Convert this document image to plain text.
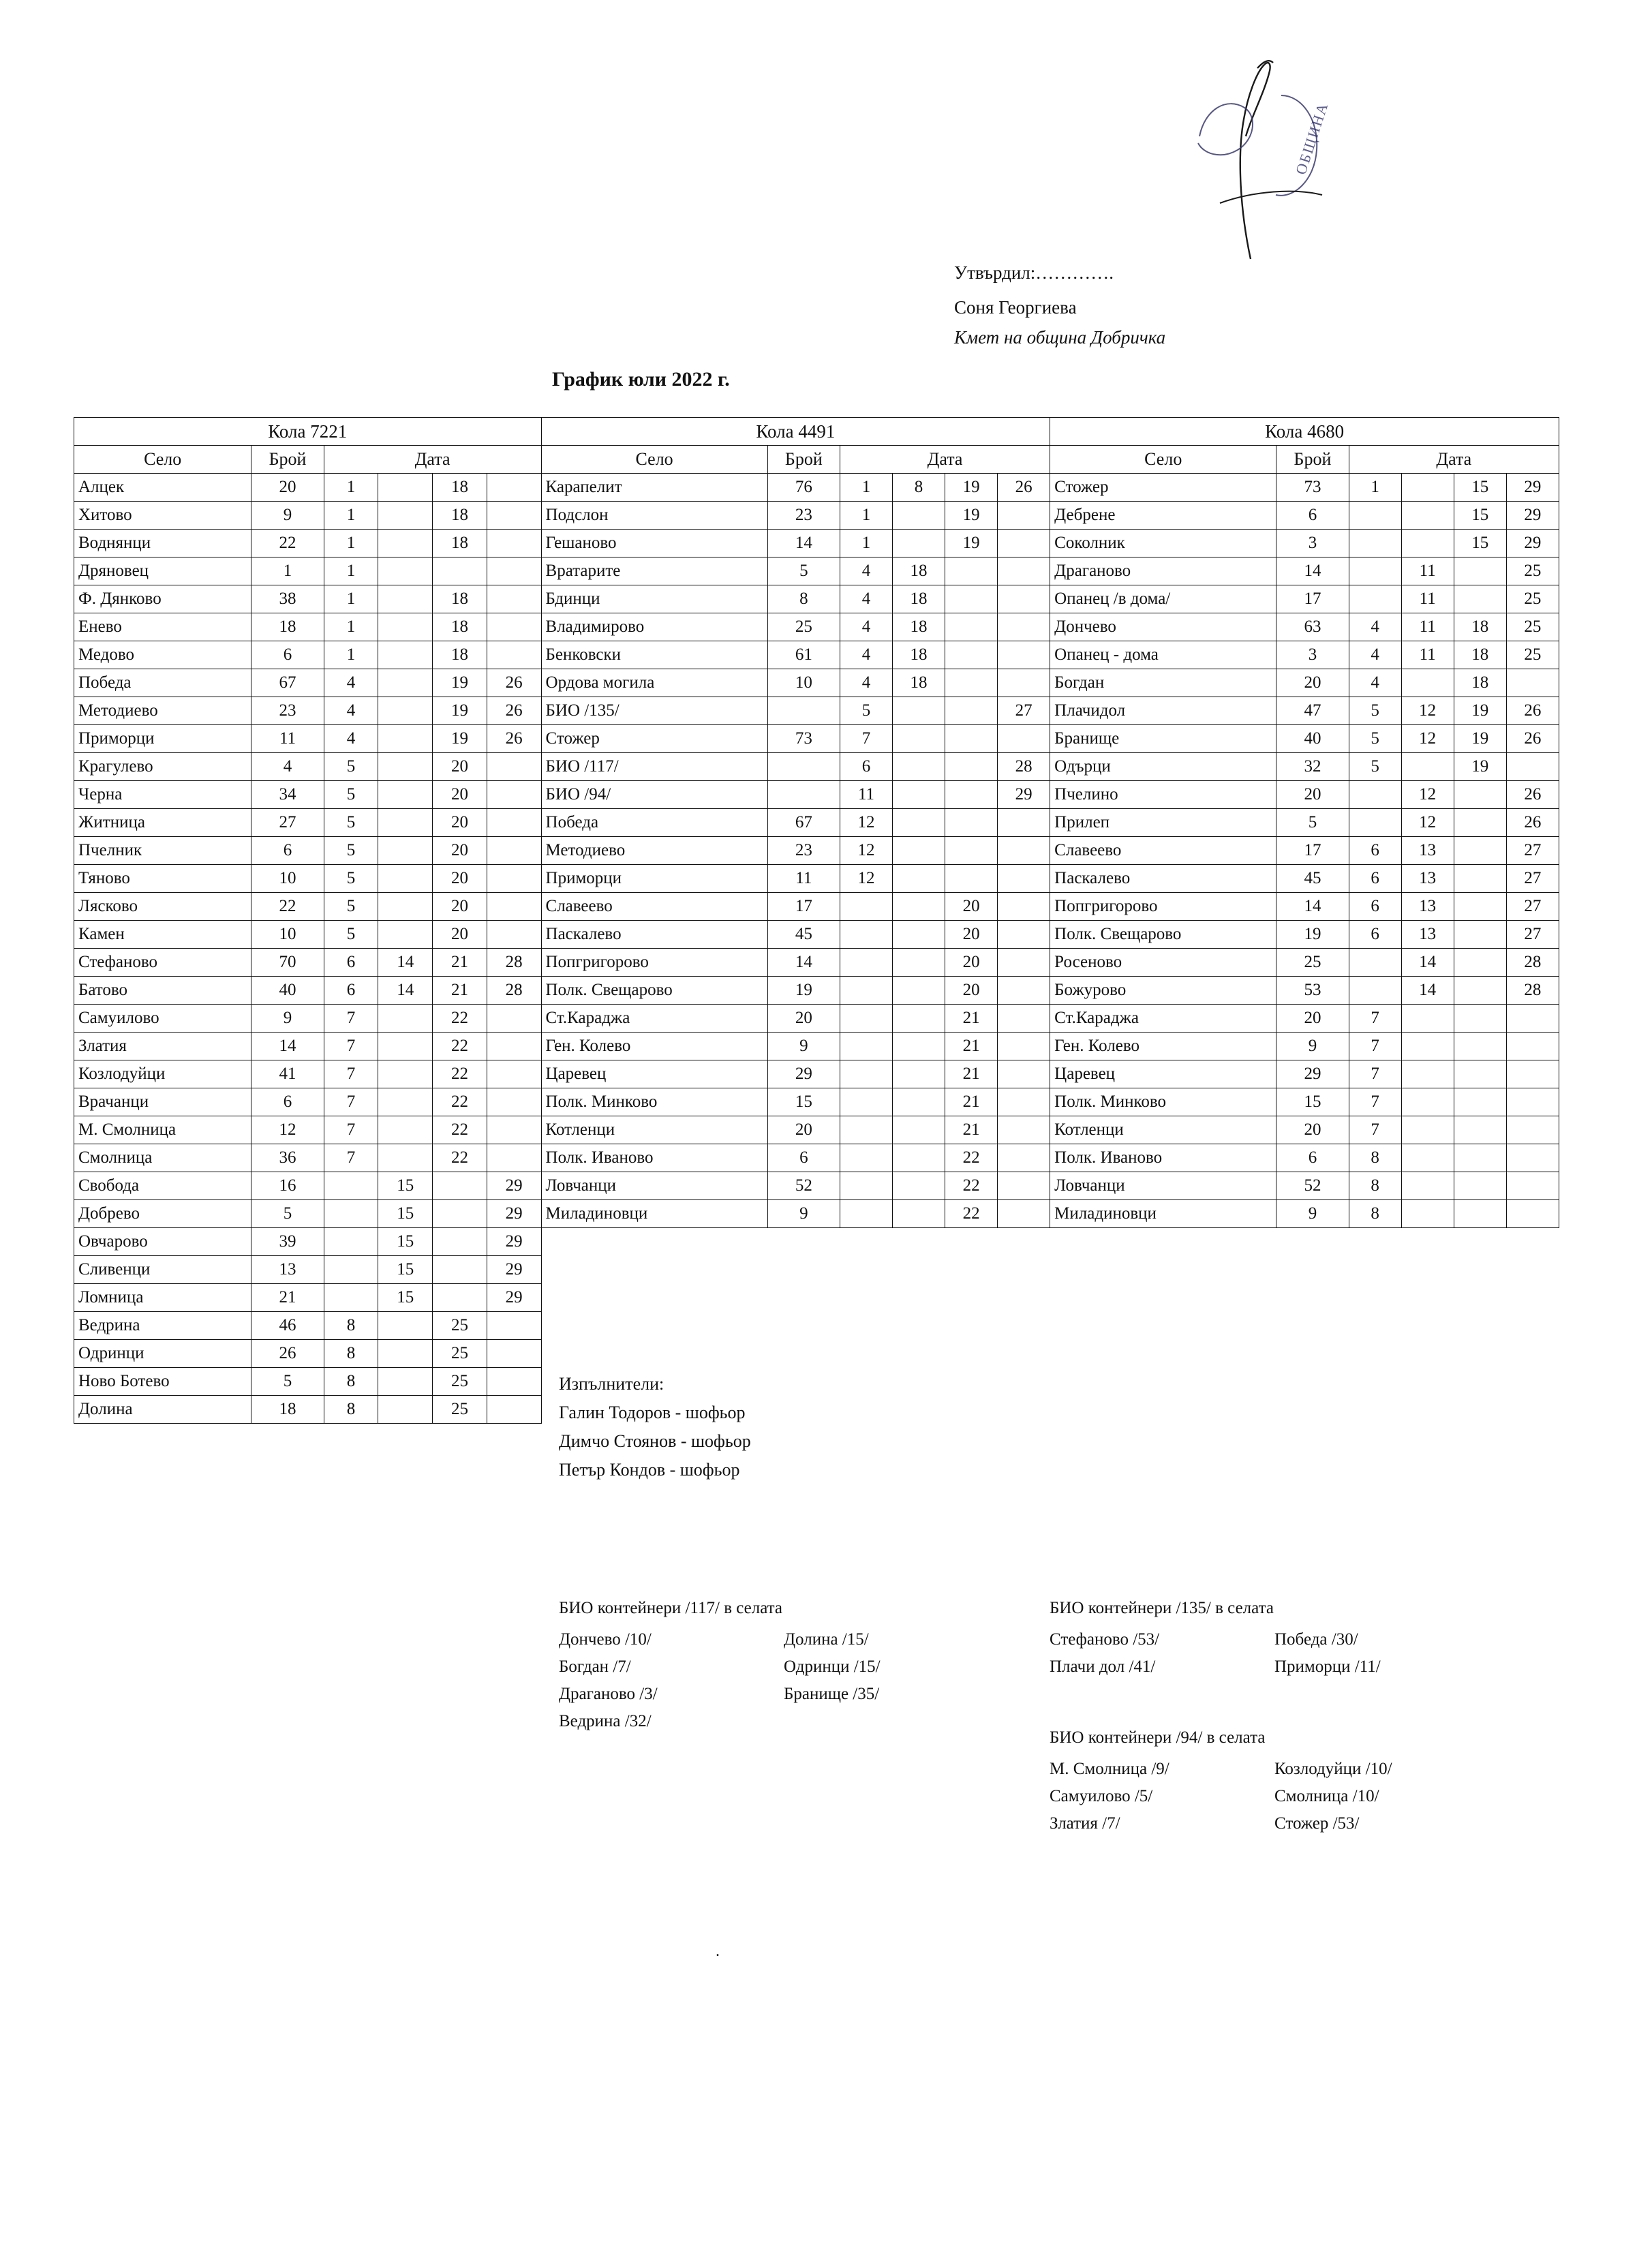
ОБЩИНА
Утвърдил:………….
Соня Георгиева
Кмет на община Добричка
График юли 2022 г.
Кола 7221						Кола 4491						Кола 4680					
Село	Брой	Дата				Село	Брой	Дата				Село	Брой	Дата			
Алцек	20	1		18		Карапелит	76	1	8	19	26	Стожер	73	1		15	29
Хитово	9	1		18		Подслон	23	1		19		Дебрене	6			15	29
Воднянци	22	1		18		Гешаново	14	1		19		Соколник	3			15	29
Дряновец	1	1				Вратарите	5	4	18			Драганово	14		11		25
Ф. Дянково	38	1		18		Бдинци	8	4	18			Опанец /в дома/	17		11		25
Енево	18	1		18		Владимирово	25	4	18			Дончево	63	4	11	18	25
Медово	6	1		18		Бенковски	61	4	18			Опанец - дома	3	4	11	18	25
Победа	67	4		19	26	Ордова могила	10	4	18			Богдан	20	4		18	
Методиево	23	4		19	26	БИО /135/		5			27	Плачидол	47	5	12	19	26
Приморци	11	4		19	26	Стожер	73	7				Бранище	40	5	12	19	26
Крагулево	4	5		20		БИО /117/		6			28	Одърци	32	5		19	
Черна	34	5		20		БИО /94/		11			29	Пчелино	20		12		26
Житница	27	5		20		Победа	67	12				Прилеп	5		12		26
Пчелник	6	5		20		Методиево	23	12				Славеево	17	6	13		27
Тяново	10	5		20		Приморци	11	12				Паскалево	45	6	13		27
Лясково	22	5		20		Славеево	17			20		Попгригорово	14	6	13		27
Камен	10	5		20		Паскалево	45			20		Полк. Свещарово	19	6	13		27
Стефаново	70	6	14	21	28	Попгригорово	14			20		Росеново	25		14		28
Батово	40	6	14	21	28	Полк. Свещарово	19			20		Божурово	53		14		28
Самуилово	9	7		22		Ст.Караджа	20			21		Ст.Караджа	20	7			
Златия	14	7		22		Ген. Колево	9			21		Ген. Колево	9	7			
Козлодуйци	41	7		22		Царевец	29			21		Царевец	29	7			
Врачанци	6	7		22		Полк. Минково	15			21		Полк. Минково	15	7			
М. Смолница	12	7		22		Котленци	20			21		Котленци	20	7			
Смолница	36	7		22		Полк. Иваново	6			22		Полк. Иваново	6	8			
Свобода	16		15		29	Ловчанци	52			22		Ловчанци	52	8			
Добрево	5		15		29	Миладиновци	9			22		Миладиновци	9	8			
Овчарово	39		15		29												
Сливенци	13		15		29												
Ломница	21		15		29												
Ведрина	46	8		25													
Одринци	26	8		25													
Ново Ботево	5	8		25													
Долина	18	8		25													
Изпълнители:
Галин Тодоров - шофьор
Димчо Стоянов - шофьор
Петър Кондов - шофьор
БИО контейнери /117/ в селата
Дончево /10/	Долина /15/
Богдан /7/	Одринци /15/
Драганово /3/	Бранище /35/
Ведрина /32/
БИО контейнери /135/ в селата
Стефаново /53/	Победа /30/
Плачи дол /41/	Приморци /11/
БИО контейнери /94/ в селата
М. Смолница /9/	Козлодуйци /10/
Самуилово /5/	Смолница /10/
Златия /7/	Стожер /53/
.
